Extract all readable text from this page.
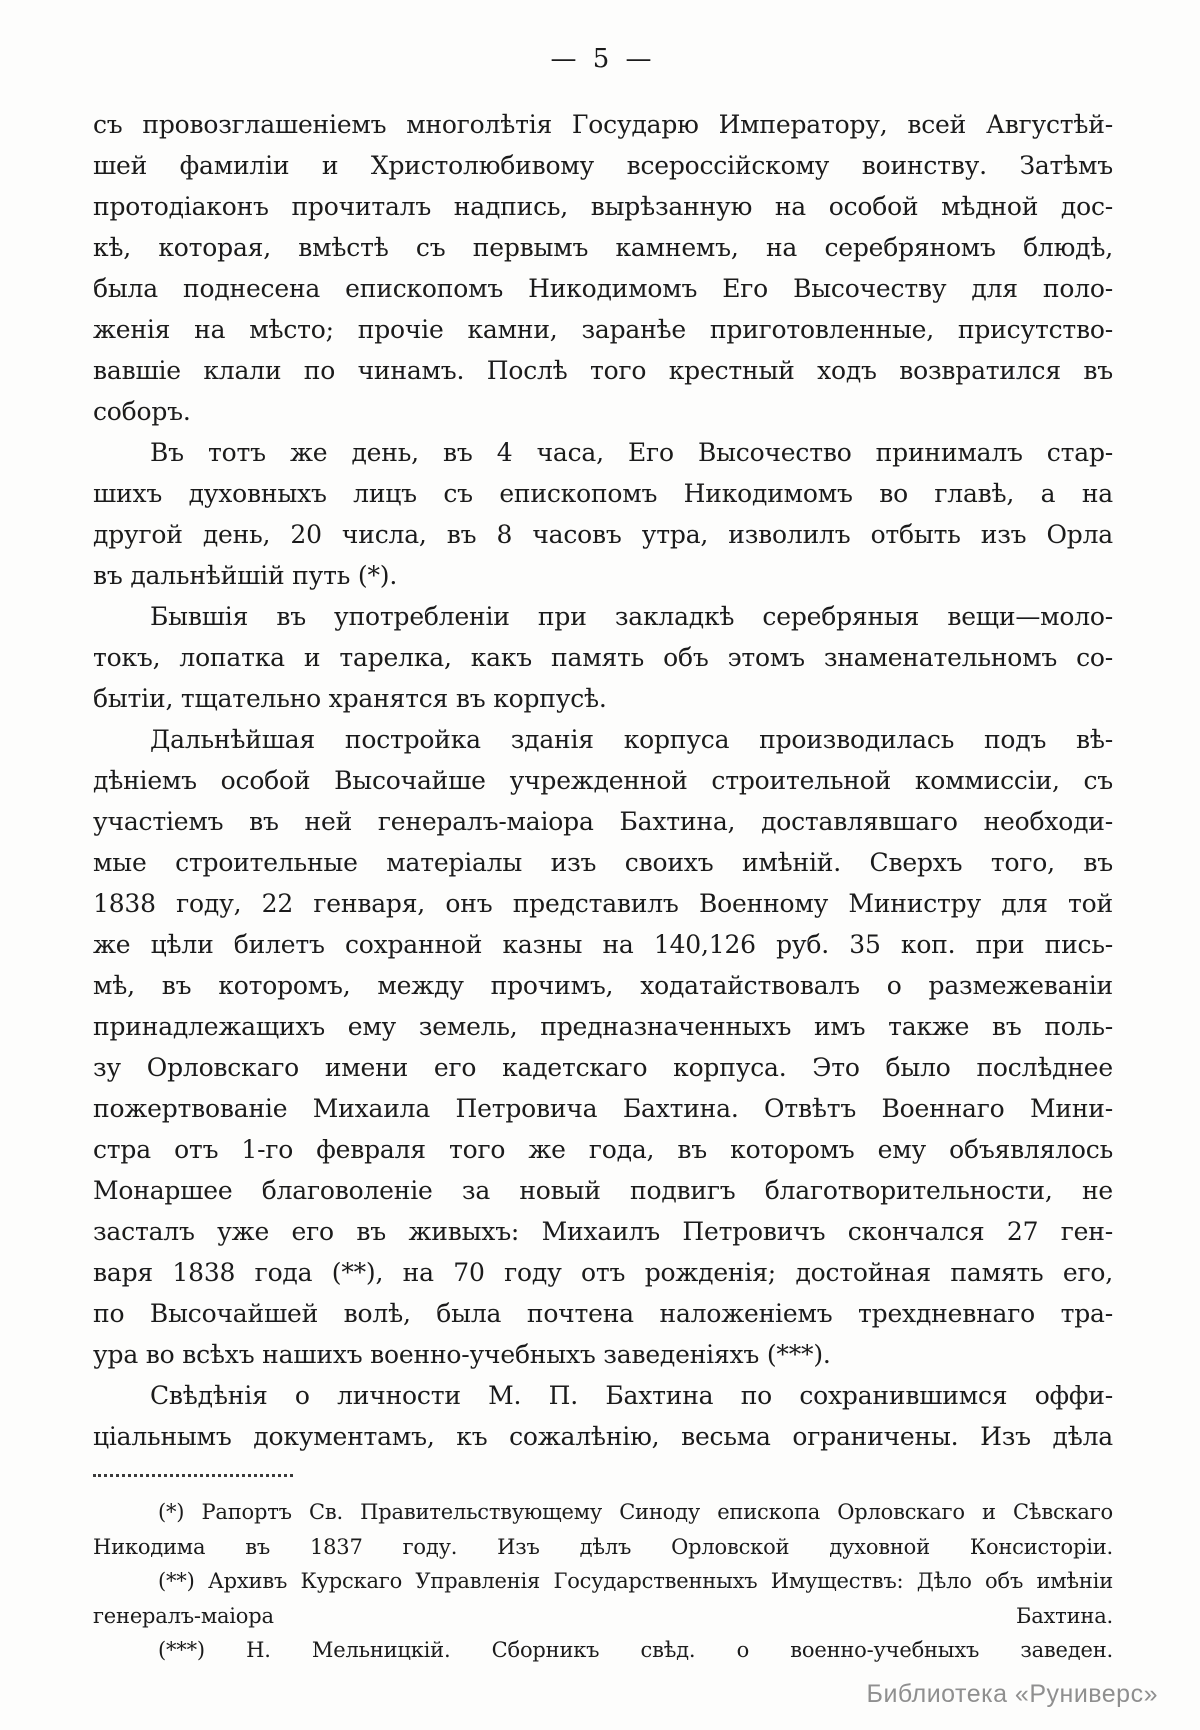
— 5 —
съ провозглашеніемъ многолѣтія Государю Императору, всей Августѣй-
шей фамиліи и Христолюбивому всероссійскому воинству. Затѣмъ
протодіаконъ прочиталъ надпись, вырѣзанную на особой мѣдной дос-
кѣ, которая, вмѣстѣ съ первымъ камнемъ, на серебряномъ блюдѣ,
была поднесена епископомъ Никодимомъ Его Высочеству для поло-
женія на мѣсто; прочіе камни, заранѣе приготовленные, присутство-
вавшіе клали по чинамъ. Послѣ того крестный ходъ возвратился въ
соборъ.
Въ тотъ же день, въ 4 часа, Его Высочество принималъ стар-
шихъ духовныхъ лицъ съ епископомъ Никодимомъ во главѣ, а на
другой день, 20 числа, въ 8 часовъ утра, изволилъ отбыть изъ Орла
въ дальнѣйшій путь (*).
Бывшія въ употребленіи при закладкѣ серебряныя вещи—моло-
токъ, лопатка и тарелка, какъ память объ этомъ знаменательномъ со-
бытіи, тщательно хранятся въ корпусѣ.
Дальнѣйшая постройка зданія корпуса производилась подъ вѣ-
дѣніемъ особой Высочайше учрежденной строительной коммиссіи, съ
участіемъ въ ней генералъ-маіора Бахтина, доставлявшаго необходи-
мые строительные матеріалы изъ своихъ имѣній. Сверхъ того, въ
1838 году, 22 генваря, онъ представилъ Военному Министру для той
же цѣли билетъ сохранной казны на 140,126 руб. 35 коп. при пись-
мѣ, въ которомъ, между прочимъ, ходатайствовалъ о размежеваніи
принадлежащихъ ему земель, предназначенныхъ имъ также въ поль-
зу Орловскаго имени его кадетскаго корпуса. Это было послѣднее
пожертвованіе Михаила Петровича Бахтина. Отвѣтъ Военнаго Мини-
стра отъ 1-го февраля того же года, въ которомъ ему объявлялось
Монаршее благоволеніе за новый подвигъ благотворительности, не
засталъ уже его въ живыхъ: Михаилъ Петровичъ скончался 27 ген-
варя 1838 года (**), на 70 году отъ рожденія; достойная память его,
по Высочайшей волѣ, была почтена наложеніемъ трехдневнаго тра-
ура во всѣхъ нашихъ военно-учебныхъ заведеніяхъ (***).
Свѣдѣнія о личности М. П. Бахтина по сохранившимся оффи-
ціальнымъ документамъ, къ сожалѣнію, весьма ограничены. Изъ дѣла
(*) Рапортъ Св. Правительствующему Синоду епископа Орловскаго и Сѣвскаго
Никодима въ 1837 году. Изъ дѣлъ Орловской духовной Консисторіи.
(**) Архивъ Курскаго Управленія Государственныхъ Имуществъ: Дѣло объ имѣніи
генералъ-маіора Бахтина.
(***) Н. Мельницкій. Сборникъ свѣд. о военно-учебныхъ заведен.
Библиотека «Руниверс»
